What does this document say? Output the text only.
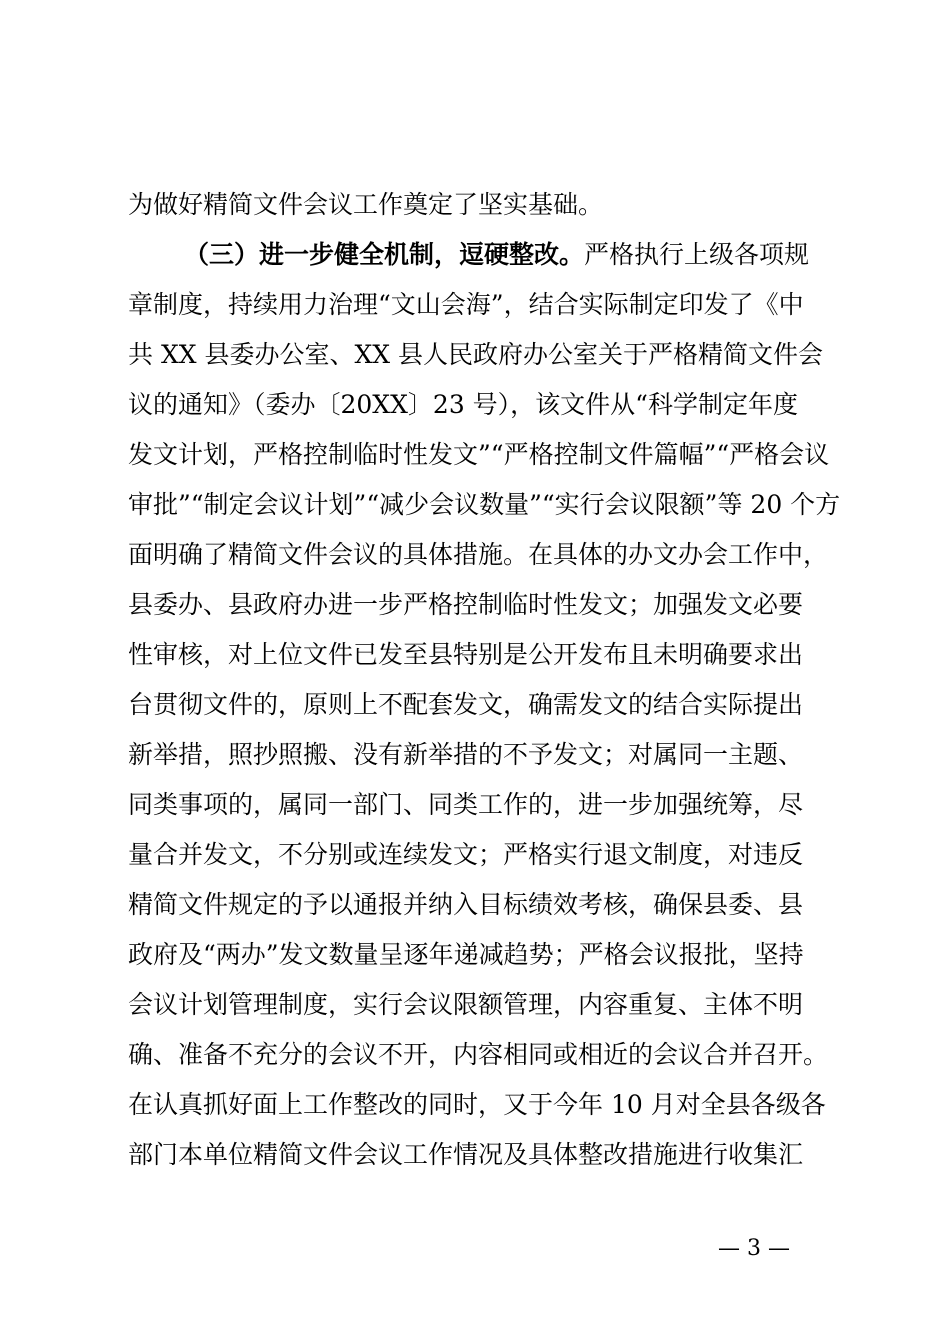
为做好精简文件会议工作奠定了坚实基础。
（三）进一步健全机制，逗硬整改。严格执行上级各项规
章制度，持续用力治理“文山会海”，结合实际制定印发了《中
共 XX 县委办公室、XX 县人民政府办公室关于严格精简文件会
议的通知》（委办〔20XX〕23 号），该文件从“科学制定年度
发文计划，严格控制临时性发文”“严格控制文件篇幅”“严格会议
审批”“制定会议计划”“减少会议数量”“实行会议限额”等 20 个方
面明确了精简文件会议的具体措施。在具体的办文办会工作中，
县委办、县政府办进一步严格控制临时性发文；加强发文必要
性审核，对上位文件已发至县特别是公开发布且未明确要求出
台贯彻文件的，原则上不配套发文，确需发文的结合实际提出
新举措，照抄照搬、没有新举措的不予发文；对属同一主题、
同类事项的，属同一部门、同类工作的，进一步加强统筹，尽
量合并发文，不分别或连续发文；严格实行退文制度，对违反
精简文件规定的予以通报并纳入目标绩效考核，确保县委、县
政府及“两办”发文数量呈逐年递减趋势；严格会议报批，坚持
会议计划管理制度，实行会议限额管理，内容重复、主体不明
确、准备不充分的会议不开，内容相同或相近的会议合并召开。
在认真抓好面上工作整改的同时，又于今年 10 月对全县各级各
部门本单位精简文件会议工作情况及具体整改措施进行收集汇
— 3 —
